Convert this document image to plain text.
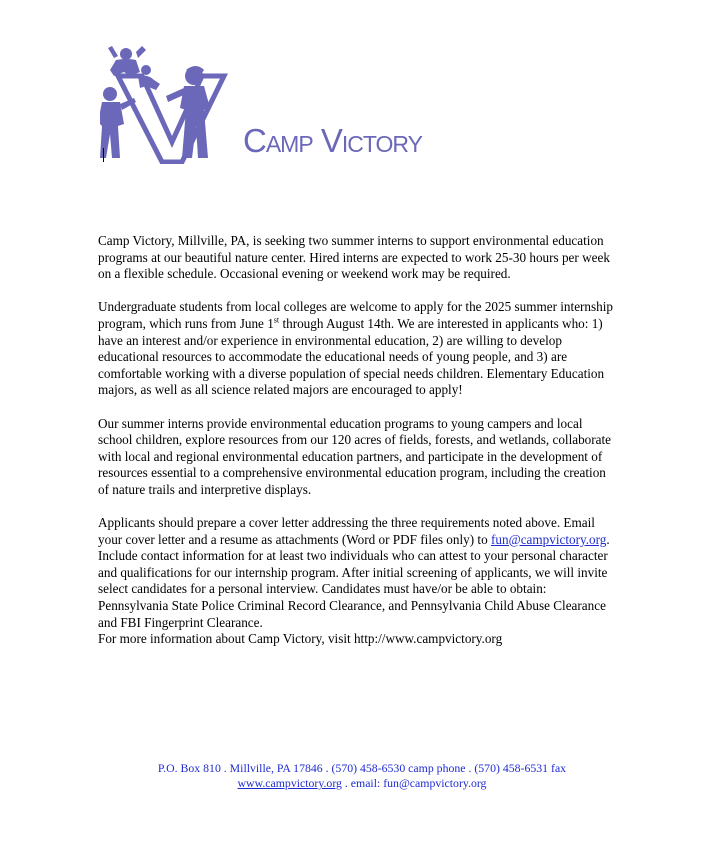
Camp Victory

Camp Victory, Millville, PA, is seeking two summer interns to support environmental education programs at our beautiful nature center. Hired interns are expected to work 25-30 hours per week on a flexible schedule. Occasional evening or weekend work may be required.

Undergraduate students from local colleges are welcome to apply for the 2025 summer internship program, which runs from June 1st through August 14th. We are interested in applicants who: 1) have an interest and/or experience in environmental education, 2) are willing to develop educational resources to accommodate the educational needs of young people, and 3) are comfortable working with a diverse population of special needs children. Elementary Education majors, as well as all science related majors are encouraged to apply!

Our summer interns provide environmental education programs to young campers and local school children, explore resources from our 120 acres of fields, forests, and wetlands, collaborate with local and regional environmental education partners, and participate in the development of resources essential to a comprehensive environmental education program, including the creation of nature trails and interpretive displays.

Applicants should prepare a cover letter addressing the three requirements noted above. Email your cover letter and a resume as attachments (Word or PDF files only) to fun@campvictory.org. Include contact information for at least two individuals who can attest to your personal character and qualifications for our internship program. After initial screening of applicants, we will invite select candidates for a personal interview. Candidates must have/or be able to obtain: Pennsylvania State Police Criminal Record Clearance, and Pennsylvania Child Abuse Clearance and FBI Fingerprint Clearance.
For more information about Camp Victory, visit http://www.campvictory.org

P.O. Box 810 . Millville, PA 17846 . (570) 458-6530 camp phone . (570) 458-6531 fax
www.campvictory.org . email: fun@campvictory.org
